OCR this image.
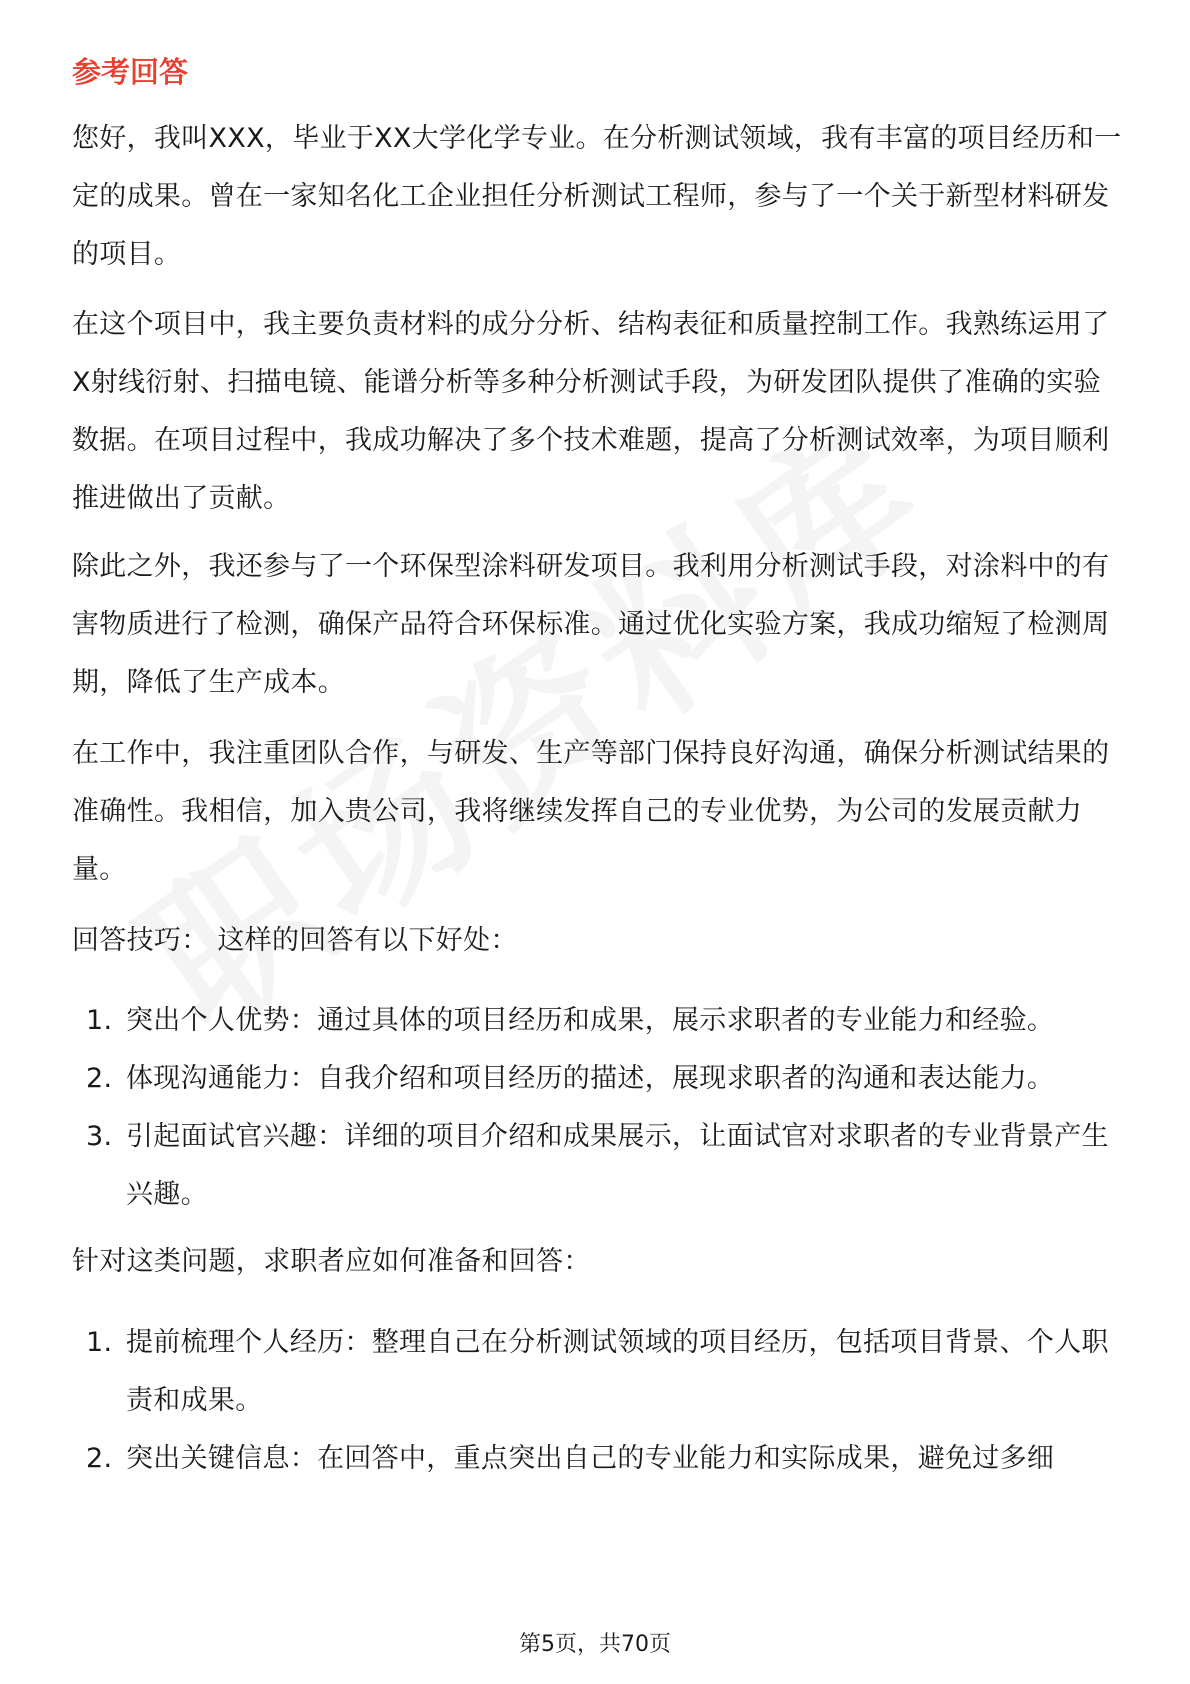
参考回答

您好，我叫XXX，毕业于XX大学化学专业。在分析测试领域，我有丰富的项目经历和一定的成果。曾在一家知名化工企业担任分析测试工程师，参与了一个关于新型材料研发的项目。

在这个项目中，我主要负责材料的成分分析、结构表征和质量控制工作。我熟练运用了X射线衍射、扫描电镜、能谱分析等多种分析测试手段，为研发团队提供了准确的实验数据。在项目过程中，我成功解决了多个技术难题，提高了分析测试效率，为项目顺利推进做出了贡献。

除此之外，我还参与了一个环保型涂料研发项目。我利用分析测试手段，对涂料中的有害物质进行了检测，确保产品符合环保标准。通过优化实验方案，我成功缩短了检测周期，降低了生产成本。

在工作中，我注重团队合作，与研发、生产等部门保持良好沟通，确保分析测试结果的准确性。我相信，加入贵公司，我将继续发挥自己的专业优势，为公司的发展贡献力量。

回答技巧： 这样的回答有以下好处：

1. 突出个人优势：通过具体的项目经历和成果，展示求职者的专业能力和经验。
2. 体现沟通能力：自我介绍和项目经历的描述，展现求职者的沟通和表达能力。
3. 引起面试官兴趣：详细的项目介绍和成果展示，让面试官对求职者的专业背景产生兴趣。

针对这类问题，求职者应如何准备和回答：

1. 提前梳理个人经历：整理自己在分析测试领域的项目经历，包括项目背景、个人职责和成果。
2. 突出关键信息：在回答中，重点突出自己的专业能力和实际成果，避免过多细
第5页，共70页
